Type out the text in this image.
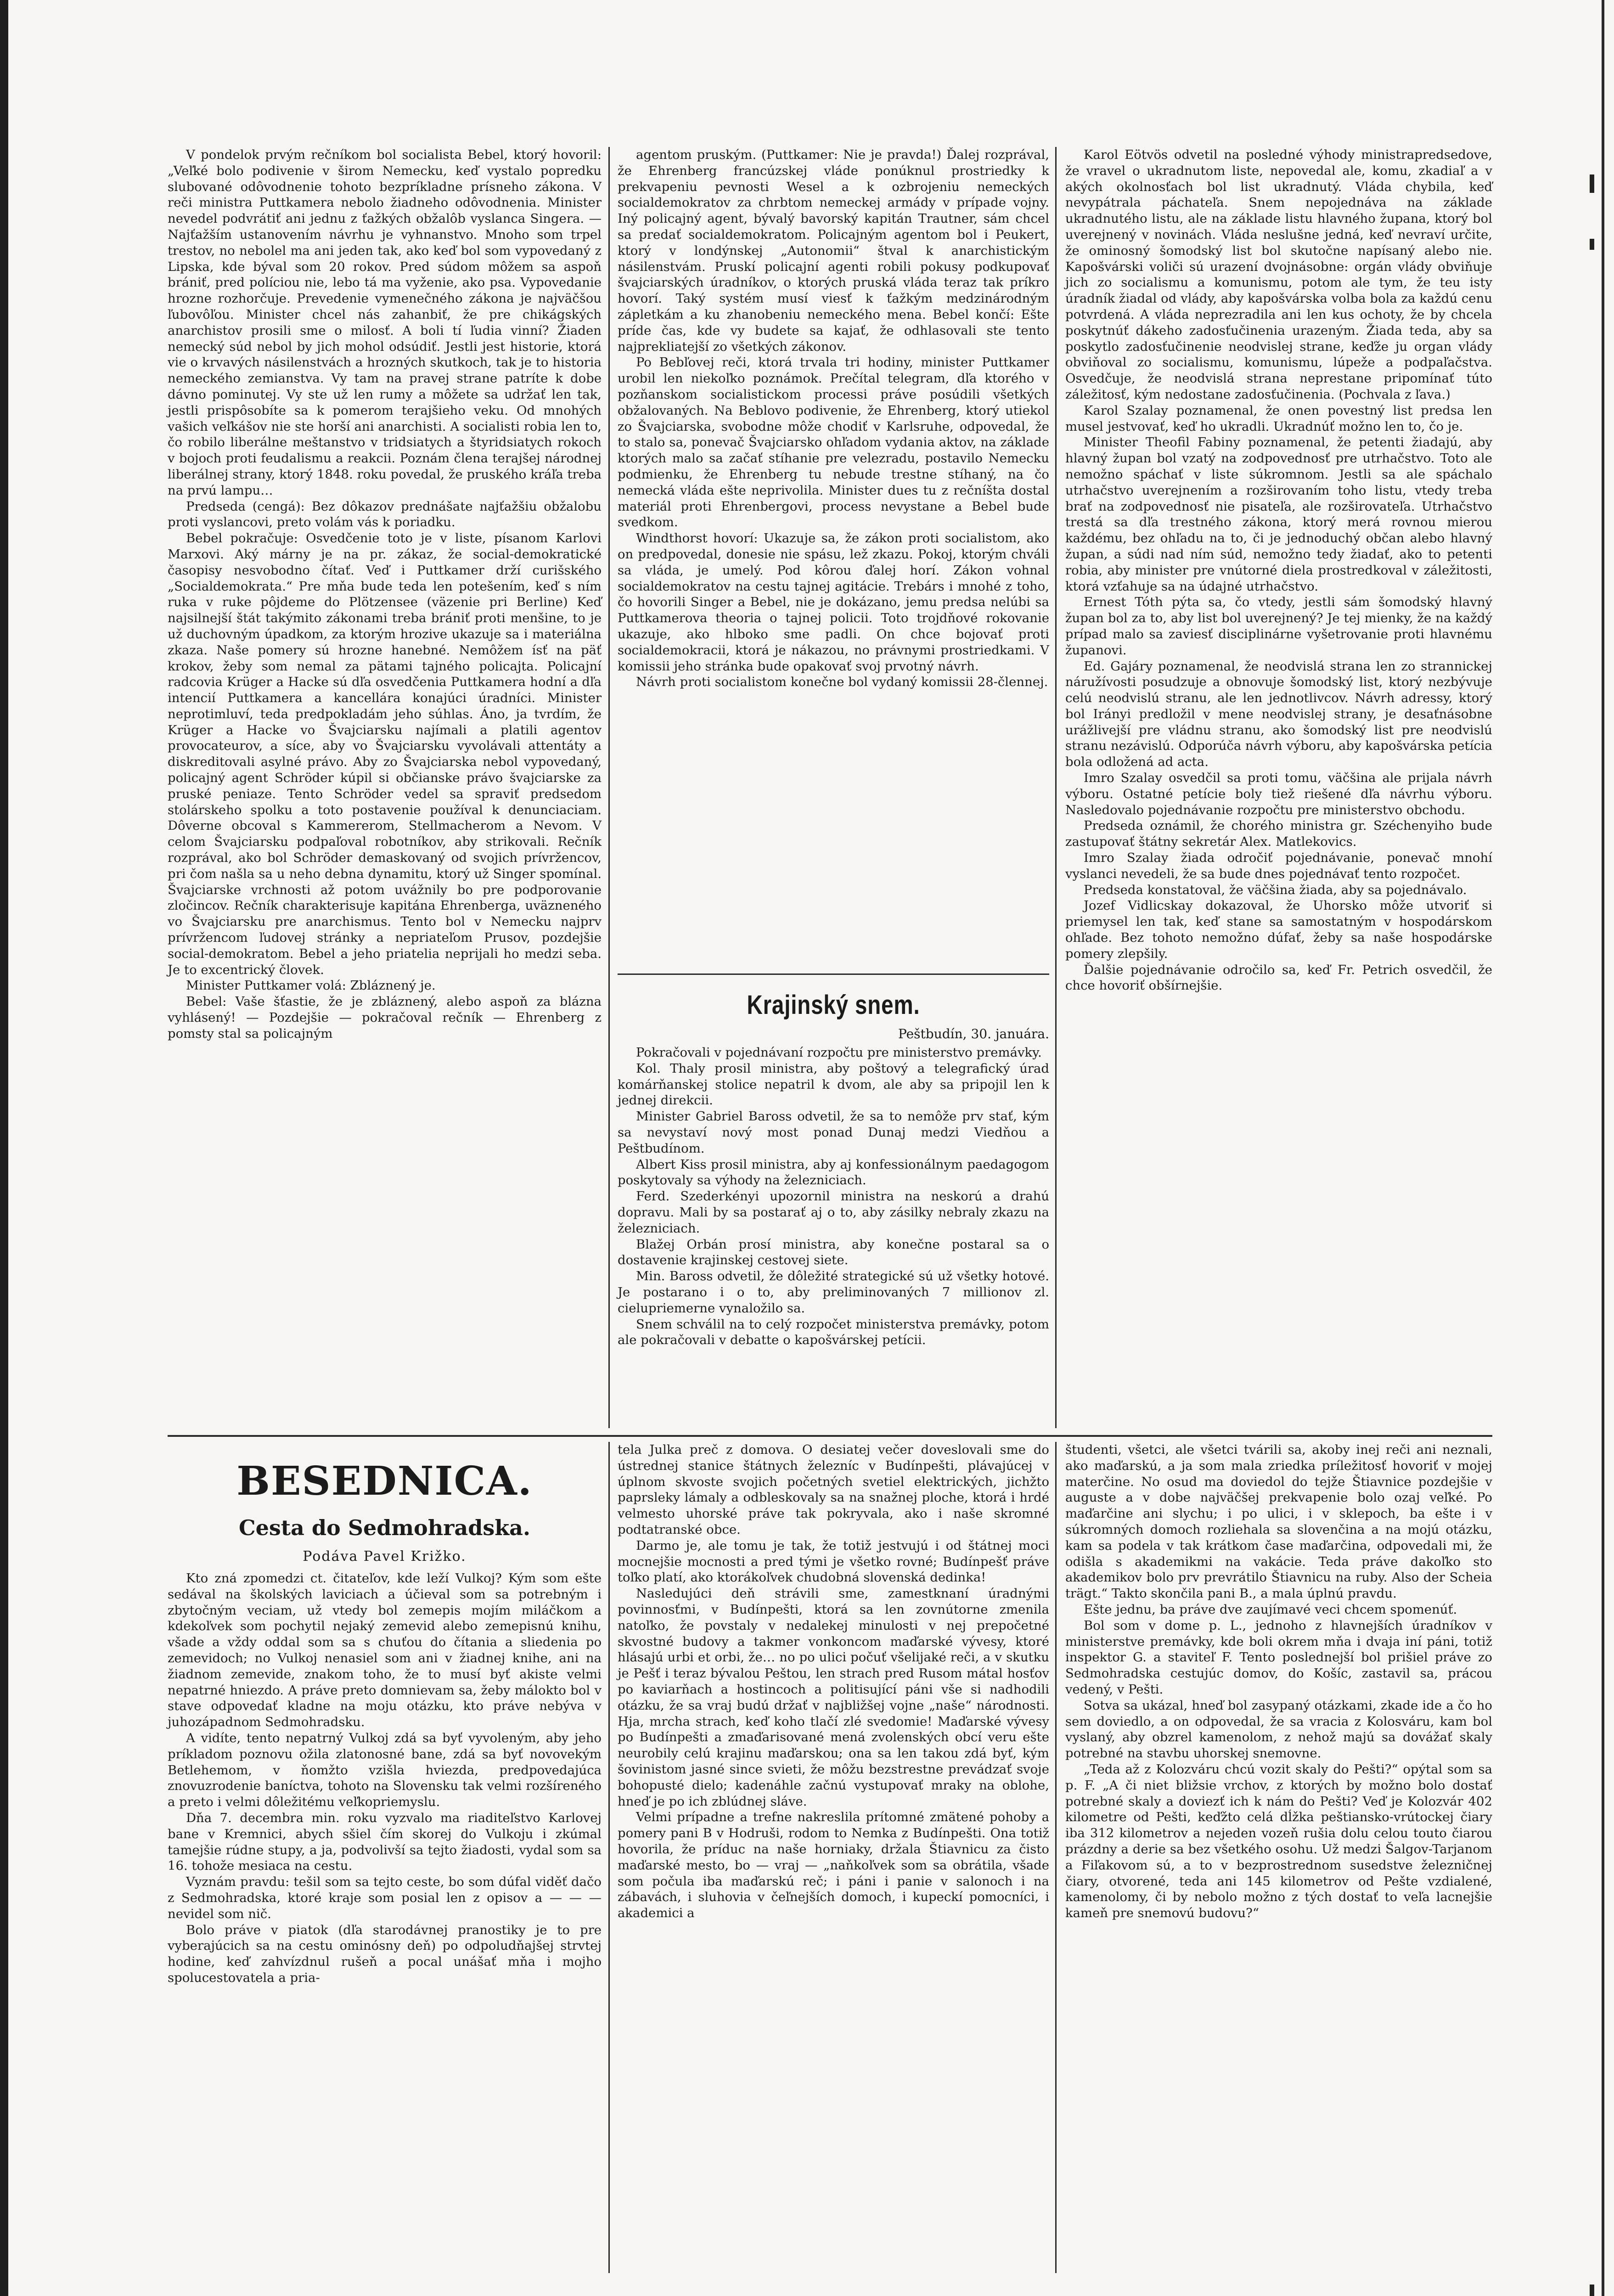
V pondelok prvým rečníkom bol socialista Bebel, ktorý hovoril: „Veľké bolo podivenie v širom Nemecku, keď vystalo popredku slubované odôvodnenie tohoto bezpríkladne prísneho zákona. V reči ministra Puttkamera nebolo žiadneho odôvodnenia. Minister nevedel podvrátiť ani jednu z ťažkých obžalôb vyslanca Singera. — Najťažším ustanovením návrhu je vyhnanstvo. Mnoho som trpel trestov, no nebolel ma ani jeden tak, ako keď bol som vypovedaný z Lipska, kde býval som 20 rokov. Pred súdom môžem sa aspoň brániť, pred políciou nie, lebo tá ma vyženie, ako psa. Vypovedanie hrozne rozhorčuje. Prevedenie vymenečného zákona je najväčšou ľubovôľou. Minister chcel nás zahanbiť, že pre chikágských anarchistov prosili sme o milosť. A boli tí ľudia vinní? Žiaden nemecký súd nebol by jich mohol odsúdiť. Jestli jest historie, ktorá vie o krvavých násilenstvách a hrozných skutkoch, tak je to historia nemeckého zemianstva. Vy tam na pravej strane patríte k dobe dávno pominutej. Vy ste už len rumy a môžete sa udržať len tak, jestli prispôsobíte sa k pomerom terajšieho veku. Od mnohých vašich veľkášov nie ste horší ani anarchisti. A socialisti robia len to, čo robilo liberálne meštanstvo v tridsiatych a štyridsiatych rokoch v bojoch proti feudalismu a reakcii. Poznám člena terajšej národnej liberálnej strany, ktorý 1848. roku povedal, že pruského kráľa treba na prvú lampu…

Predseda (cengá): Bez dôkazov prednášate najťažšiu obžalobu proti vyslancovi, preto volám vás k poriadku.

Bebel pokračuje: Osvedčenie toto je v liste, písanom Karlovi Marxovi. Aký márny je na pr. zákaz, že social-demokratické časopisy nesvobodno čítať. Veď i Puttkamer drží curišského „Socialdemokrata.“ Pre mňa bude teda len potešením, keď s ním ruka v ruke pôjdeme do Plötzensee (väzenie pri Berline) Keď najsilnejší štát takýmito zákonami treba brániť proti menšine, to je už duchovným úpadkom, za ktorým hrozive ukazuje sa i materiálna zkaza. Naše pomery sú hrozne hanebné. Nemôžem ísť na päť krokov, žeby som nemal za pätami tajného policajta. Policajní radcovia Krüger a Hacke sú dľa osvedčenia Puttkamera hodní a dľa intencií Puttkamera a kancellára konajúci úradníci. Minister neprotimluví, teda predpokladám jeho súhlas. Áno, ja tvrdím, že Krüger a Hacke vo Švajciarsku najímali a platili agentov provocateurov, a síce, aby vo Švajciarsku vyvolávali attentáty a diskreditovali asylné právo. Aby zo Švajciarska nebol vypovedaný, policajný agent Schröder kúpil si občianske právo švajciarske za pruské peniaze. Tento Schröder vedel sa spraviť predsedom stolárskeho spolku a toto postavenie používal k denunciaciam. Dôverne obcoval s Kammererom, Stellmacherom a Nevom. V celom Švajciarsku podpaľoval robotníkov, aby strikovali. Rečník rozprával, ako bol Schröder demaskovaný od svojich prívržencov, pri čom našla sa u neho debna dynamitu, ktorý už Singer spomínal. Švajciarske vrchnosti až potom uvážnily bo pre podporovanie zločincov. Rečník charakterisuje kapitána Ehrenberga, uväzneného vo Švajciarsku pre anarchismus. Tento bol v Nemecku najprv prívržencom ľudovej stránky a nepriateľom Prusov, pozdejšie social-demokratom. Bebel a jeho priatelia neprijali ho medzi seba. Je to excentrický človek.

Minister Puttkamer volá: Zbláznený je.

Bebel: Vaše šťastie, že je zbláznený, alebo aspoň za blázna vyhlásený! — Pozdejšie — pokračoval rečník — Ehrenberg z pomsty stal sa policajným

agentom pruským. (Puttkamer: Nie je pravda!) Ďalej rozprával, že Ehrenberg francúzskej vláde ponúknul prostriedky k prekvapeniu pevnosti Wesel a k ozbrojeniu nemeckých socialdemokratov za chrbtom nemeckej armády v prípade vojny. Iný policajný agent, bývalý bavorský kapitán Trautner, sám chcel sa predať socialdemokratom. Policajným agentom bol i Peukert, ktorý v londýnskej „Autonomii“ štval k anarchistickým násilenstvám. Pruskí policajní agenti robili pokusy podkupovať švajciarských úradníkov, o ktorých pruská vláda teraz tak príkro hovorí. Taký systém musí viesť k ťažkým medzinárodným zápletkám a ku zhanobeniu nemeckého mena. Bebel končí: Ešte príde čas, kde vy budete sa kajať, že odhlasovali ste tento najprekliatejší zo všetkých zákonov.

Po Bebľovej reči, ktorá trvala tri hodiny, minister Puttkamer urobil len niekoľko poznámok. Prečítal telegram, dľa ktorého v pozňanskom socialistickom processi práve posúdili všetkých obžalovaných. Na Beblovo podivenie, že Ehrenberg, ktorý utiekol zo Švajciarska, svobodne môže chodiť v Karlsruhe, odpovedal, že to stalo sa, ponevač Švajciarsko ohľadom vydania aktov, na základe ktorých malo sa začať stíhanie pre velezradu, postavilo Nemecku podmienku, že Ehrenberg tu nebude trestne stíhaný, na čo nemecká vláda ešte neprivolila. Minister dues tu z rečníšta dostal materiál proti Ehrenbergovi, process nevystane a Bebel bude svedkom.

Windthorst hovorí: Ukazuje sa, že zákon proti socialistom, ako on predpovedal, donesie nie spásu, lež zkazu. Pokoj, ktorým chváli sa vláda, je umelý. Pod kôrou ďalej horí. Zákon vohnal socialdemokratov na cestu tajnej agitácie. Trebárs i mnohé z toho, čo hovorili Singer a Bebel, nie je dokázano, jemu predsa nelúbi sa Puttkamerova theoria o tajnej policii. Toto trojdňové rokovanie ukazuje, ako hlboko sme padli. On chce bojovať proti socialdemokracii, ktorá je nákazou, no právnymi prostriedkami. V komissii jeho stránka bude opakovať svoj prvotný návrh.

Návrh proti socialistom konečne bol vydaný komissii 28-člennej.

Krajinský snem.
Peštbudín, 30. januára.

Pokračovali v pojednávaní rozpočtu pre ministerstvo premávky.

Kol. Thaly prosil ministra, aby poštový a telegrafický úrad komárňanskej stolice nepatril k dvom, ale aby sa pripojil len k jednej direkcii.

Minister Gabriel Baross odvetil, že sa to nemôže prv stať, kým sa nevystaví nový most ponad Dunaj medzi Viedňou a Peštbudínom.

Albert Kiss prosil ministra, aby aj konfessionálnym paedagogom poskytovaly sa výhody na železniciach.

Ferd. Szederkényi upozornil ministra na neskorú a drahú dopravu. Mali by sa postarať aj o to, aby zásilky nebraly zkazu na železniciach.

Blažej Orbán prosí ministra, aby konečne postaral sa o dostavenie krajinskej cestovej siete.

Min. Baross odvetil, že dôležité strategické sú už všetky hotové. Je postarano i o to, aby preliminovaných 7 millionov zl. cielupriemerne vynaložilo sa.

Snem schválil na to celý rozpočet ministerstva premávky, potom ale pokračovali v debatte o kapošvárskej petícii.

Karol Eötvös odvetil na posledné výhody ministrapredsedove, že vravel o ukradnutom liste, nepovedal ale, komu, zkadiaľ a v akých okolnosťach bol list ukradnutý. Vláda chybila, keď nevypátrala páchateľa. Snem nepojednáva na základe ukradnutého listu, ale na základe listu hlavného župana, ktorý bol uverejnený v novinách. Vláda neslušne jedná, keď nevraví určite, že ominosný šomodský list bol skutočne napísaný alebo nie. Kapošvárski voliči sú urazení dvojnásobne: orgán vlády obviňuje jich zo socialismu a komunismu, potom ale tym, že teu isty úradník žiadal od vlády, aby kapošvárska volba bola za každú cenu potvrdená. A vláda neprezradila ani len kus ochoty, že by chcela poskytnúť dákeho zadosťučinenia urazeným. Žiada teda, aby sa poskytlo zadosťučinenie neodvislej strane, keďže ju organ vlády obviňoval zo socialismu, komunismu, lúpeže a podpaľačstva. Osvedčuje, že neodvislá strana neprestane pripomínať túto záležitosť, kým nedostane zadosťučinenia. (Pochvala z ľava.)

Karol Szalay poznamenal, že onen povestný list predsa len musel jestvovať, keď ho ukradli. Ukradnúť možno len to, čo je.

Minister Theofil Fabiny poznamenal, že petenti žiadajú, aby hlavný župan bol vzatý na zodpovednosť pre utrhačstvo. Toto ale nemožno spáchať v liste súkromnom. Jestli sa ale spáchalo utrhačstvo uverejnením a rozširovaním toho listu, vtedy treba brať na zodpovednosť nie pisateľa, ale rozširovateľa. Utrhačstvo trestá sa dľa trestného zákona, ktorý merá rovnou mierou každému, bez ohľadu na to, či je jednoduchý občan alebo hlavný župan, a súdi nad ním súd, nemožno tedy žiadať, ako to petenti robia, aby minister pre vnútorné diela prostredkoval v záležitosti, ktorá vzťahuje sa na údajné utrhačstvo.

Ernest Tóth pýta sa, čo vtedy, jestli sám šomodský hlavný župan bol za to, aby list bol uverejnený? Je tej mienky, že na každý prípad malo sa zaviesť disciplinárne vyšetrovanie proti hlavnému županovi.

Ed. Gajáry poznamenal, že neodvislá strana len zo strannickej náružívosti posudzuje a obnovuje šomodský list, ktorý nezbývuje celú neodvislú stranu, ale len jednotlivcov. Návrh adressy, ktorý bol Irányi predložil v mene neodvislej strany, je desaťnásobne urážlivejší pre vládnu stranu, ako šomodský list pre neodvislú stranu nezávislú. Odporúča návrh výboru, aby kapošvárska petícia bola odložená ad acta.

Imro Szalay osvedčil sa proti tomu, väčšina ale prijala návrh výboru. Ostatné petície boly tiež riešené dľa návrhu výboru. Nasledovalo pojednávanie rozpočtu pre ministerstvo obchodu.

Predseda oznámil, že chorého ministra gr. Széchenyiho bude zastupovať štátny sekretár Alex. Matlekovics.

Imro Szalay žiada odročiť pojednávanie, ponevač mnohí vyslanci nevedeli, že sa bude dnes pojednávať tento rozpočet.

Predseda konstatoval, že väčšina žiada, aby sa pojednávalo.

Jozef Vidlicskay dokazoval, že Uhorsko môže utvoriť si priemysel len tak, keď stane sa samostatným v hospodárskom ohľade. Bez tohoto nemožno dúfať, žeby sa naše hospodárske pomery zlepšily.

Ďalšie pojednávanie odročilo sa, keď Fr. Petrich osvedčil, že chce hovoriť obšírnejšie.

BESEDNICA.
Cesta do Sedmohradska.
Podáva Pavel Križko.

Kto zná zpomedzi ct. čitateľov, kde leží Vulkoj? Kým som ešte sedával na školských laviciach a účieval som sa potrebným i zbytočným veciam, už vtedy bol zemepis mojím miláčkom a kdekoľvek som pochytil nejaký zemevid alebo zemepisnú knihu, všade a vždy oddal som sa s chuťou do čítania a sliedenia po zemevidoch; no Vulkoj nenasiel som ani v žiadnej knihe, ani na žiadnom zemevide, znakom toho, že to musí byť akiste velmi nepatrné hniezdo. A práve preto domnievam sa, žeby málokto bol v stave odpovedať kladne na moju otázku, kto práve nebýva v juhozápadnom Sedmohradsku.

A vidíte, tento nepatrný Vulkoj zdá sa byť vyvoleným, aby jeho príkladom poznovu ožila zlatonosné bane, zdá sa byť novovekým Betlehemom, v ňomžto vzišla hviezda, predpovedajúca znovuzrodenie baníctva, tohoto na Slovensku tak velmi rozšíreného a preto i velmi dôležitému veľkopriemyslu.

Dňa 7. decembra min. roku vyzvalo ma riaditeľstvo Karlovej bane v Kremnici, abych sšiel čím skorej do Vulkoju i zkúmal tamejšie rúdne stupy, a ja, podvolivší sa tejto žiadosti, vydal som sa 16. tohože mesiaca na cestu.

Vyznám pravdu: tešil som sa tejto ceste, bo som dúfal viděť dačo z Sedmohradska, ktoré kraje som posial len z opisov a — — — nevidel som nič.

Bolo práve v piatok (dľa starodávnej pranostiky je to pre vyberajúcich sa na cestu ominósny deň) po odpoludňajšej strvtej hodine, keď zahvízdnul rušeň a pocal unášať mňa i mojho spolucestovatela a pria-

tela Julka preč z domova. O desiatej večer doveslovali sme do ústrednej stanice štátnych železníc v Budínpešti, plávajúcej v úplnom skvoste svojich početných svetiel elektrických, jichžto paprsleky lámaly a odbleskovaly sa na snažnej ploche, ktorá i hrdé velmesto uhorské práve tak pokryvala, ako i naše skromné podtatranské obce.

Darmo je, ale tomu je tak, že totiž jestvujú i od štátnej moci mocnejšie mocnosti a pred tými je všetko rovné; Budínpešť práve toľko platí, ako ktorákoľvek chudobná slovenská dedinka!

Nasledujúci deň strávili sme, zamestknaní úradnými povinnosťmi, v Budínpešti, ktorá sa len zovnútorne zmenila natoľko, že povstaly v nedalekej minulosti v nej prepočetné skvostné budovy a takmer vonkoncom maďarské vývesy, ktoré hlásajú urbi et orbi, že… no po ulici počuť všelijaké reči, a v skutku je Pešť i teraz bývalou Peštou, len strach pred Rusom mátal hosťov po kaviarňach a hostincoch a politisující páni vše si nadhodili otázku, že sa vraj budú držať v najbližšej vojne „naše“ národnosti. Hja, mrcha strach, keď koho tlačí zlé svedomie! Maďarské vývesy po Budínpešti a zmaďarisované mená zvolenských obcí veru ešte neurobily celú krajinu maďarskou; ona sa len takou zdá byť, kým šovinistom jasné since svieti, že môžu bezstrestne prevádzať svoje bohopusté dielo; kadenáhle začnú vystupovať mraky na oblohe, hneď je po ich zblúdnej sláve.

Velmi prípadne a trefne nakreslila prítomné zmätené pohoby a pomery pani B v Hodruši, rodom to Nemka z Budínpešti. Ona totiž hovorila, že príduc na naše horniaky, držala Štiavnicu za čisto maďarské mesto, bo — vraj — „naňkoľvek som sa obrátila, všade som počula iba maďarskú reč; i páni i panie v salonoch i na zábavách, i sluhovia v čeľnejších domoch, i kupeckí pomocníci, i akademici a

študenti, všetci, ale všetci tvárili sa, akoby inej reči ani neznali, ako maďarskú, a ja som mala zriedka príležitosť hovoriť v mojej materčine. No osud ma doviedol do tejže Štiavnice pozdejšie v auguste a v dobe najväčšej prekvapenie bolo ozaj veľké. Po maďarčine ani slychu; i po ulici, i v sklepoch, ba ešte i v súkromných domoch rozliehala sa slovenčina a na mojú otázku, kam sa podela v tak krátkom čase maďarčina, odpovedali mi, že odišla s akademikmi na vakácie. Teda práve dakoľko sto akademikov bolo prv prevrátilo Štiavnicu na ruby. Also der Scheia trägt.“ Takto skončila pani B., a mala úplnú pravdu.

Ešte jednu, ba práve dve zaujímavé veci chcem spomenúť.

Bol som v dome p. L., jednoho z hlavnejších úradníkov v ministerstve premávky, kde boli okrem mňa i dvaja iní páni, totiž inspektor G. a staviteľ F. Tento poslednejší bol prišiel práve zo Sedmohradska cestujúc domov, do Košíc, zastavil sa, prácou vedený, v Pešti.

Sotva sa ukázal, hneď bol zasypaný otázkami, zkade ide a čo ho sem doviedlo, a on odpovedal, že sa vracia z Kolosváru, kam bol vyslaný, aby obzrel kamenolom, z nehož majú sa dovážať skaly potrebné na stavbu uhorskej snemovne.

„Teda až z Kolozváru chcú vozit skaly do Pešti?“ opýtal som sa p. F. „A či niet bližsie vrchov, z ktorých by možno bolo dostať potrebné skaly a doviezť ich k nám do Pešti? Veď je Kolozvár 402 kilometre od Pešti, keďžto celá dĺžka peštiansko-vrútockej čiary iba 312 kilometrov a nejeden vozeň rušia dolu celou touto čiarou prázdny a derie sa bez všetkého osohu. Už medzi Šalgov-Tarjanom a Fiľakovom sú, a to v bezprostrednom susedstve železničnej čiary, otvorené, teda ani 145 kilometrov od Pešte vzdialené, kamenolomy, či by nebolo možno z tých dostať to veľa lacnejšie kameň pre snemovú budovu?“
